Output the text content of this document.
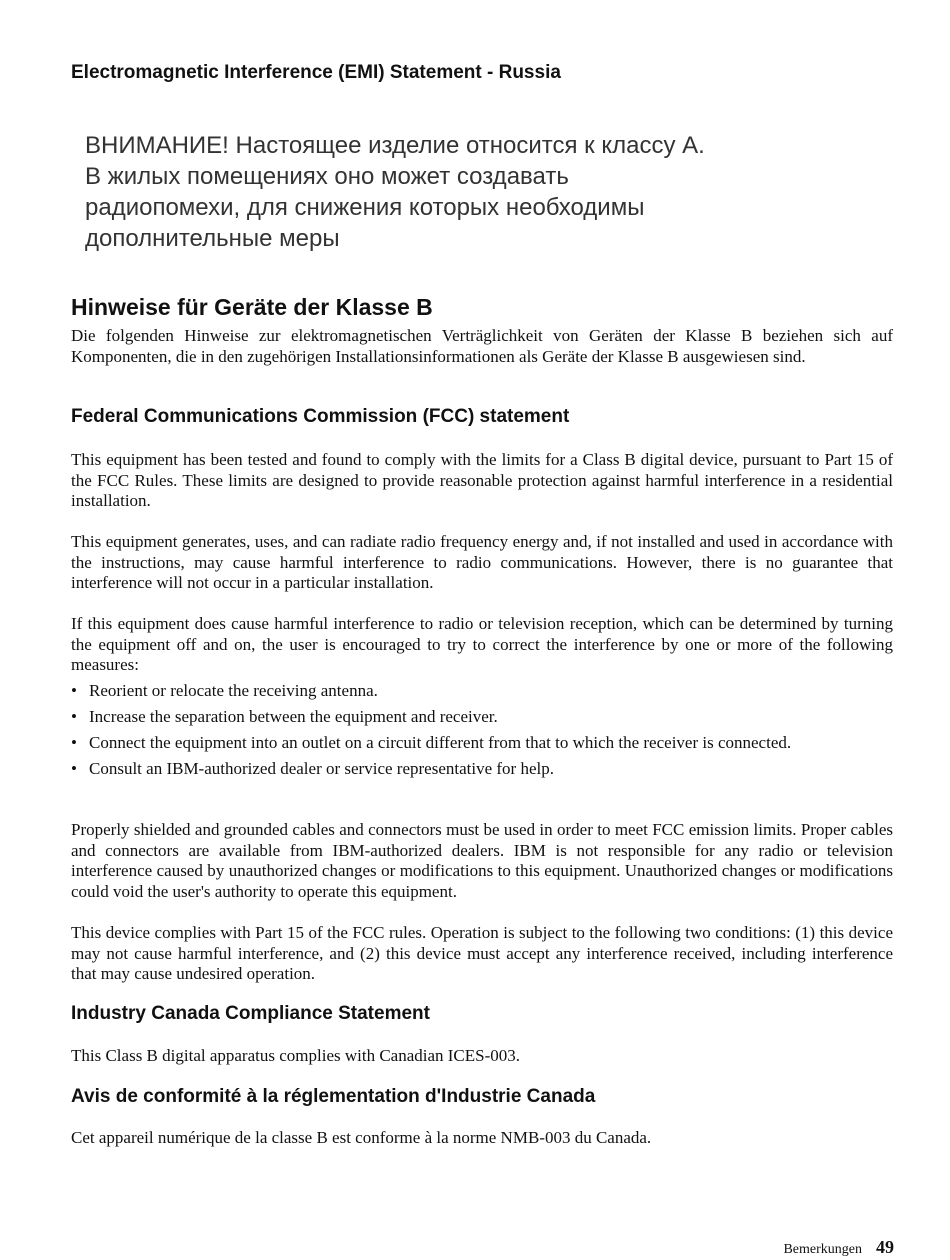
Electromagnetic Interference (EMI) Statement - Russia

ВНИМАНИЕ! Настоящее изделие относится к классу А.
В жилых помещениях оно может создавать
радиопомехи, для снижения которых необходимы
дополнительные меры

Hinweise für Geräte der Klasse B

Die folgenden Hinweise zur elektromagnetischen Verträglichkeit von Geräten der Klasse B beziehen sich auf Komponenten, die in den zugehörigen Installationsinformationen als Geräte der Klasse B ausgewiesen sind.

Federal Communications Commission (FCC) statement

This equipment has been tested and found to comply with the limits for a Class B digital device, pursuant to Part 15 of the FCC Rules. These limits are designed to provide reasonable protection against harmful interference in a residential installation.

This equipment generates, uses, and can radiate radio frequency energy and, if not installed and used in accordance with the instructions, may cause harmful interference to radio communications. However, there is no guarantee that interference will not occur in a particular installation.

If this equipment does cause harmful interference to radio or television reception, which can be determined by turning the equipment off and on, the user is encouraged to try to correct the interference by one or more of the following measures:

• Reorient or relocate the receiving antenna.
• Increase the separation between the equipment and receiver.
• Connect the equipment into an outlet on a circuit different from that to which the receiver is connected.
• Consult an IBM-authorized dealer or service representative for help.

Properly shielded and grounded cables and connectors must be used in order to meet FCC emission limits. Proper cables and connectors are available from IBM-authorized dealers. IBM is not responsible for any radio or television interference caused by unauthorized changes or modifications to this equipment. Unauthorized changes or modifications could void the user's authority to operate this equipment.

This device complies with Part 15 of the FCC rules. Operation is subject to the following two conditions: (1) this device may not cause harmful interference, and (2) this device must accept any interference received, including interference that may cause undesired operation.

Industry Canada Compliance Statement

This Class B digital apparatus complies with Canadian ICES-003.

Avis de conformité à la réglementation d'Industrie Canada

Cet appareil numérique de la classe B est conforme à la norme NMB-003 du Canada.

Bemerkungen 49
